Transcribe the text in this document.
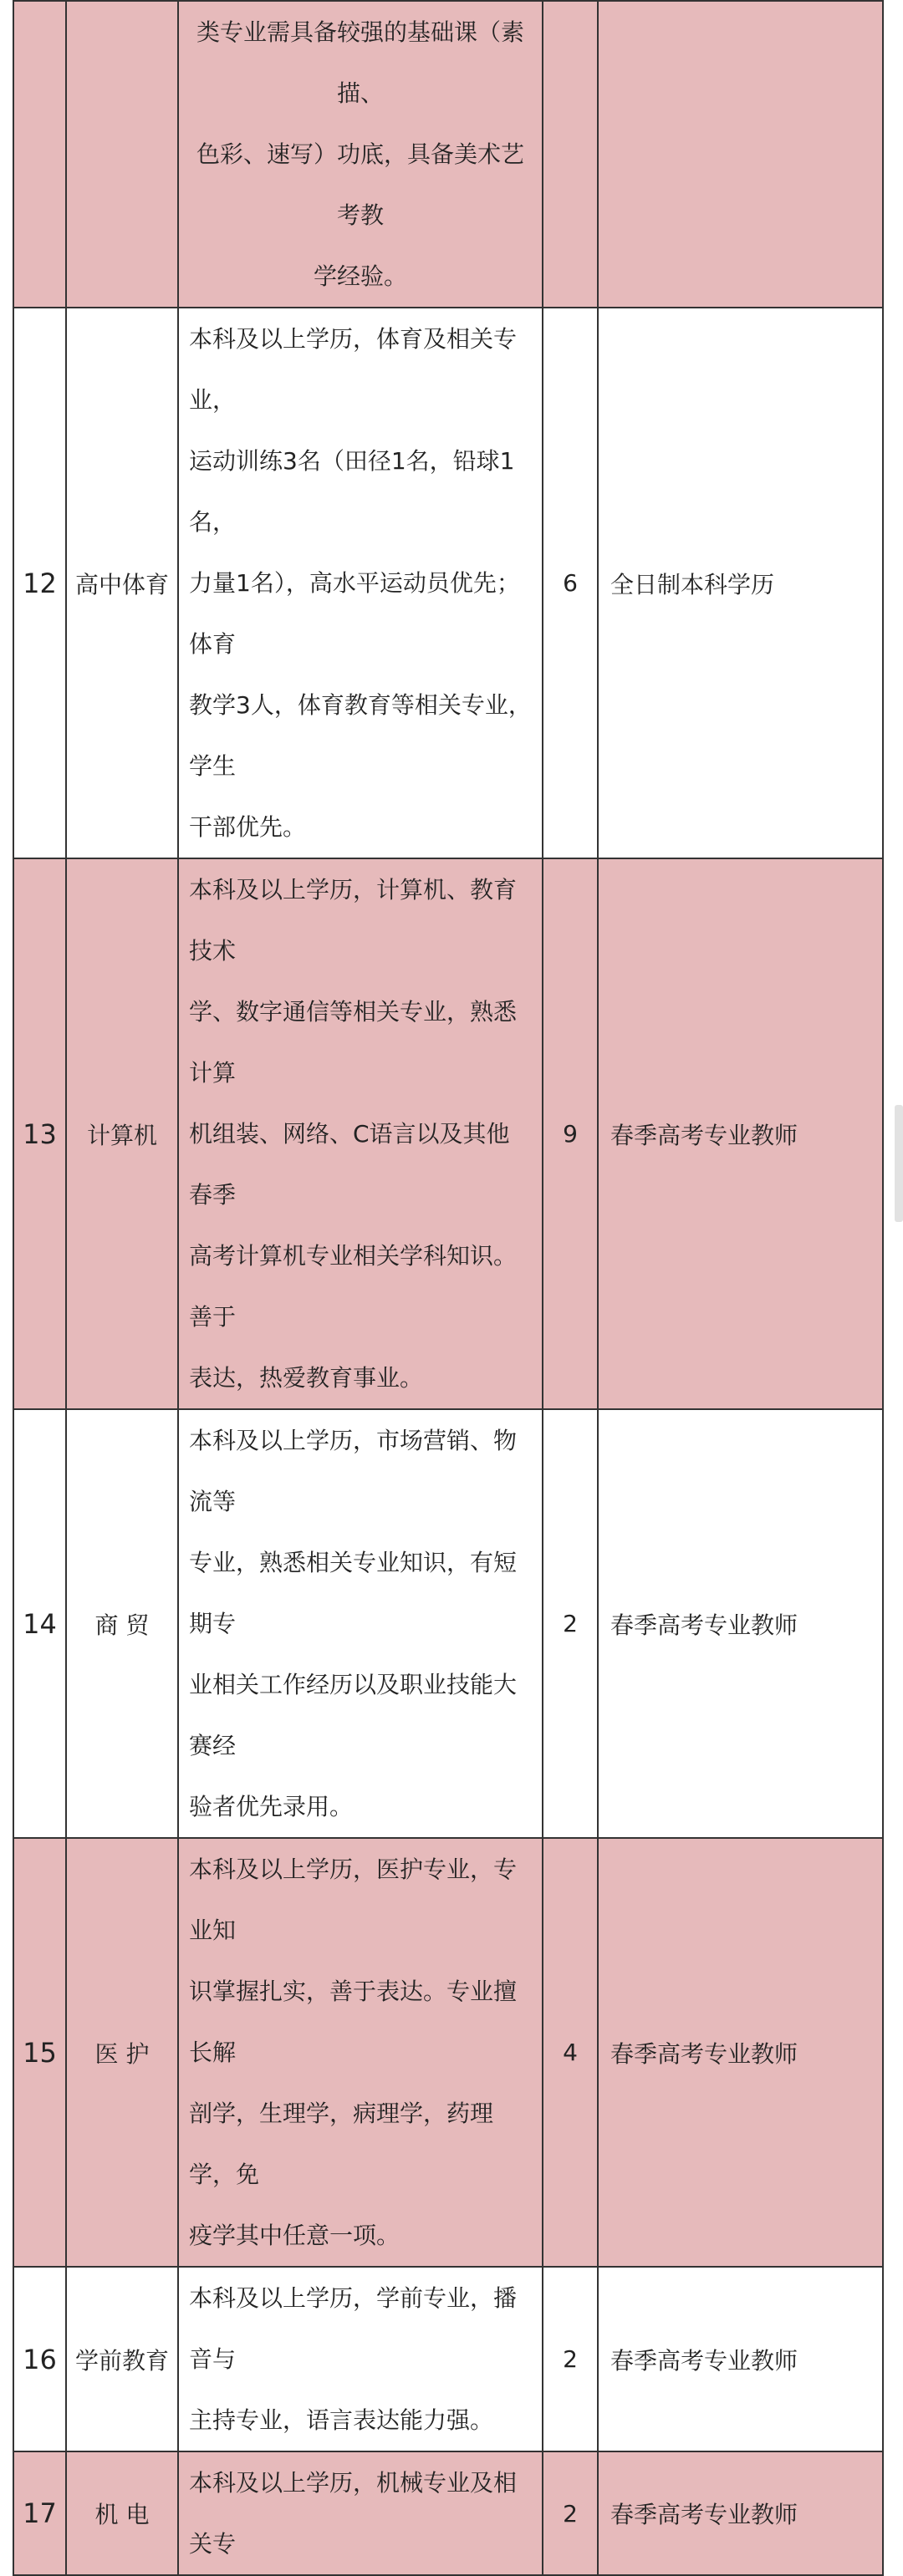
		类专业需具备较强的基础课（素描、
色彩、速写）功底，具备美术艺考教
学经验。		

12	高中体育	本科及以上学历，体育及相关专业，
运动训练3名（田径1名，铅球1名，
力量1名），高水平运动员优先；体育
教学3人，体育教育等相关专业，学生
干部优先。	6	全日制本科学历
13	计算机	本科及以上学历，计算机、教育技术
学、数字通信等相关专业，熟悉计算
机组装、网络、C语言以及其他春季
高考计算机专业相关学科知识。善于
表达，热爱教育事业。	9	春季高考专业教师
14	商 贸	本科及以上学历，市场营销、物流等
专业，熟悉相关专业知识，有短期专
业相关工作经历以及职业技能大赛经
验者优先录用。	2	春季高考专业教师
15	医 护	本科及以上学历，医护专业，专业知
识掌握扎实，善于表达。专业擅长解
剖学，生理学，病理学，药理学，免
疫学其中任意一项。	4	春季高考专业教师
16	学前教育	本科及以上学历，学前专业，播音与
主持专业，语言表达能力强。	2	春季高考专业教师
17	机 电	本科及以上学历，机械专业及相关专	2	春季高考专业教师
